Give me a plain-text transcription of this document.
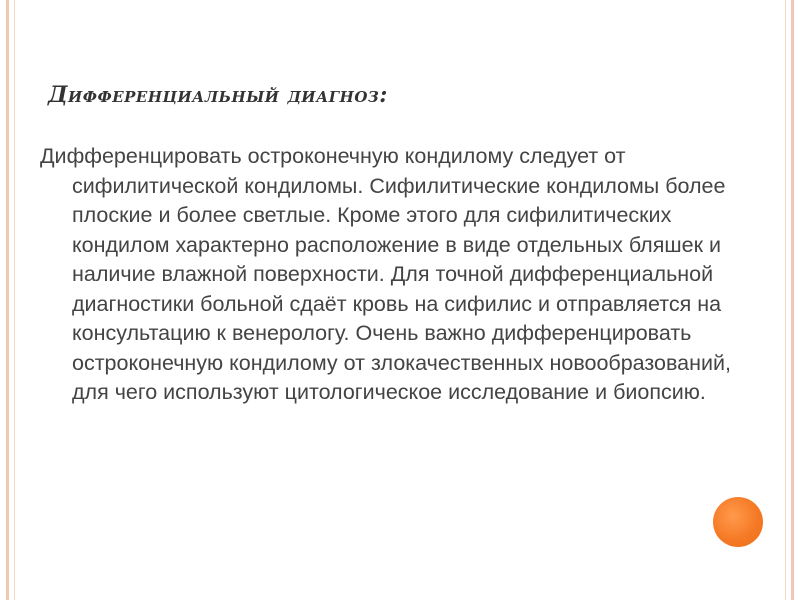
Дифференциальный диагноз:

Дифференцировать остроконечную кондилому следует от сифилитической кондиломы. Сифилитические кондиломы более плоские и более светлые. Кроме этого для сифилитических кондилом характерно расположение в виде отдельных бляшек и наличие влажной поверхности. Для точной дифференциальной диагностики больной сдаёт кровь на сифилис и отправляется на консультацию к венерологу. Очень важно дифференцировать остроконечную кондилому от злокачественных новообразований, для чего используют цитологическое исследование и биопсию.
